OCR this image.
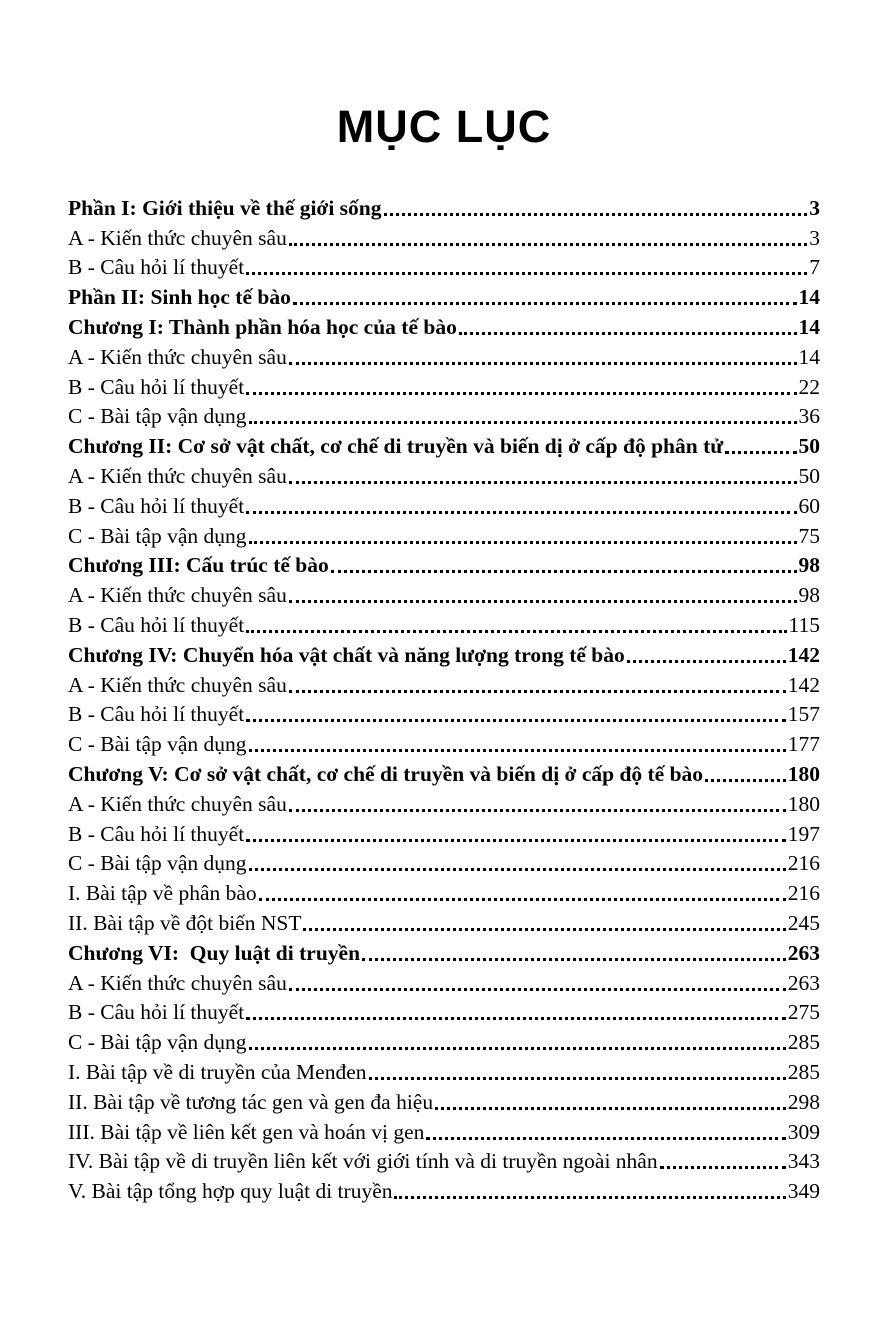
MỤC LỤC
Phần I: Giới thiệu về thế giới sống	3
A - Kiến thức chuyên sâu	3
B - Câu hỏi lí thuyết	7
Phần II: Sinh học tế bào	14
Chương I: Thành phần hóa học của tế bào	14
A - Kiến thức chuyên sâu	14
B - Câu hỏi lí thuyết	22
C - Bài tập vận dụng	36
Chương II: Cơ sở vật chất, cơ chế di truyền và biến dị ở cấp độ phân tử	50
A - Kiến thức chuyên sâu	50
B - Câu hỏi lí thuyết	60
C - Bài tập vận dụng	75
Chương III: Cấu trúc tế bào	98
A - Kiến thức chuyên sâu	98
B - Câu hỏi lí thuyết	115
Chương IV: Chuyển hóa vật chất và năng lượng trong tế bào	142
A - Kiến thức chuyên sâu	142
B - Câu hỏi lí thuyết	157
C - Bài tập vận dụng	177
Chương V: Cơ sở vật chất, cơ chế di truyền và biến dị ở cấp độ tế bào	180
A - Kiến thức chuyên sâu	180
B - Câu hỏi lí thuyết	197
C - Bài tập vận dụng	216
I. Bài tập về phân bào	216
II. Bài tập về đột biến NST	245
Chương VI:  Quy luật di truyền	263
A - Kiến thức chuyên sâu	263
B - Câu hỏi lí thuyết	275
C - Bài tập vận dụng	285
I. Bài tập về di truyền của Menđen	285
II. Bài tập về tương tác gen và gen đa hiệu	298
III. Bài tập về liên kết gen và hoán vị gen	309
IV. Bài tập về di truyền liên kết với giới tính và di truyền ngoài nhân	343
V. Bài tập tổng hợp quy luật di truyền	349
